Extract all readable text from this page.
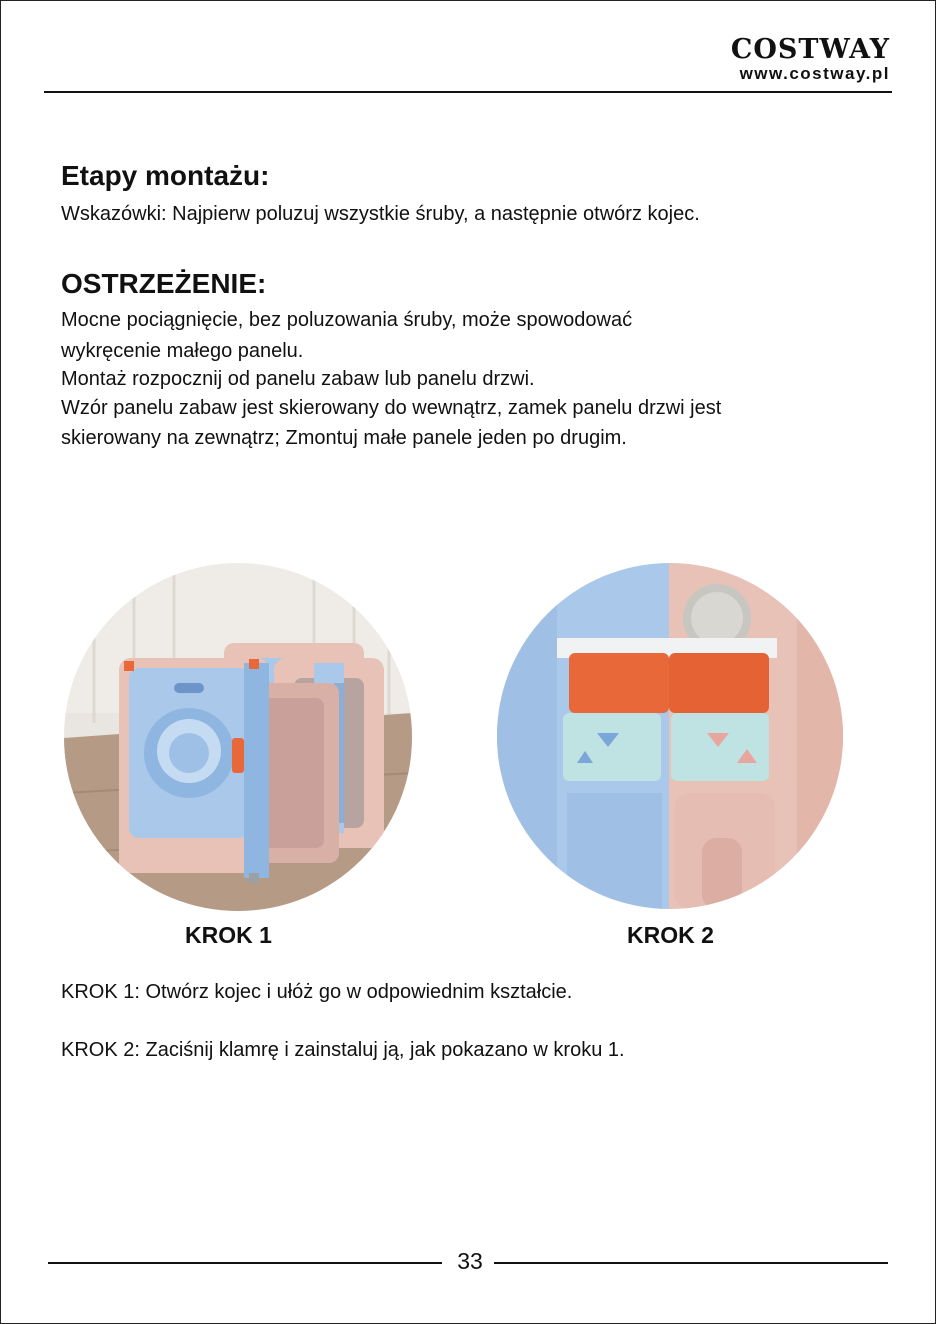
COSTWAY
www.costway.pl
Etapy montażu:

Wskazówki: Najpierw poluzuj wszystkie śruby, a następnie otwórz kojec.

OSTRZEŻENIE:

Mocne pociągnięcie, bez poluzowania śruby, może spowodować

wykręcenie małego panelu.

Montaż rozpocznij od panelu zabaw lub panelu drzwi.

Wzór panelu zabaw jest skierowany do wewnątrz, zamek panelu drzwi jest

skierowany na zewnątrz; Zmontuj małe panele jeden po drugim.

KROK 1	KROK 2

KROK 1: Otwórz kojec i ułóż go w odpowiednim kształcie.

KROK 2: Zaciśnij klamrę i zainstaluj ją, jak pokazano w kroku 1.

33
